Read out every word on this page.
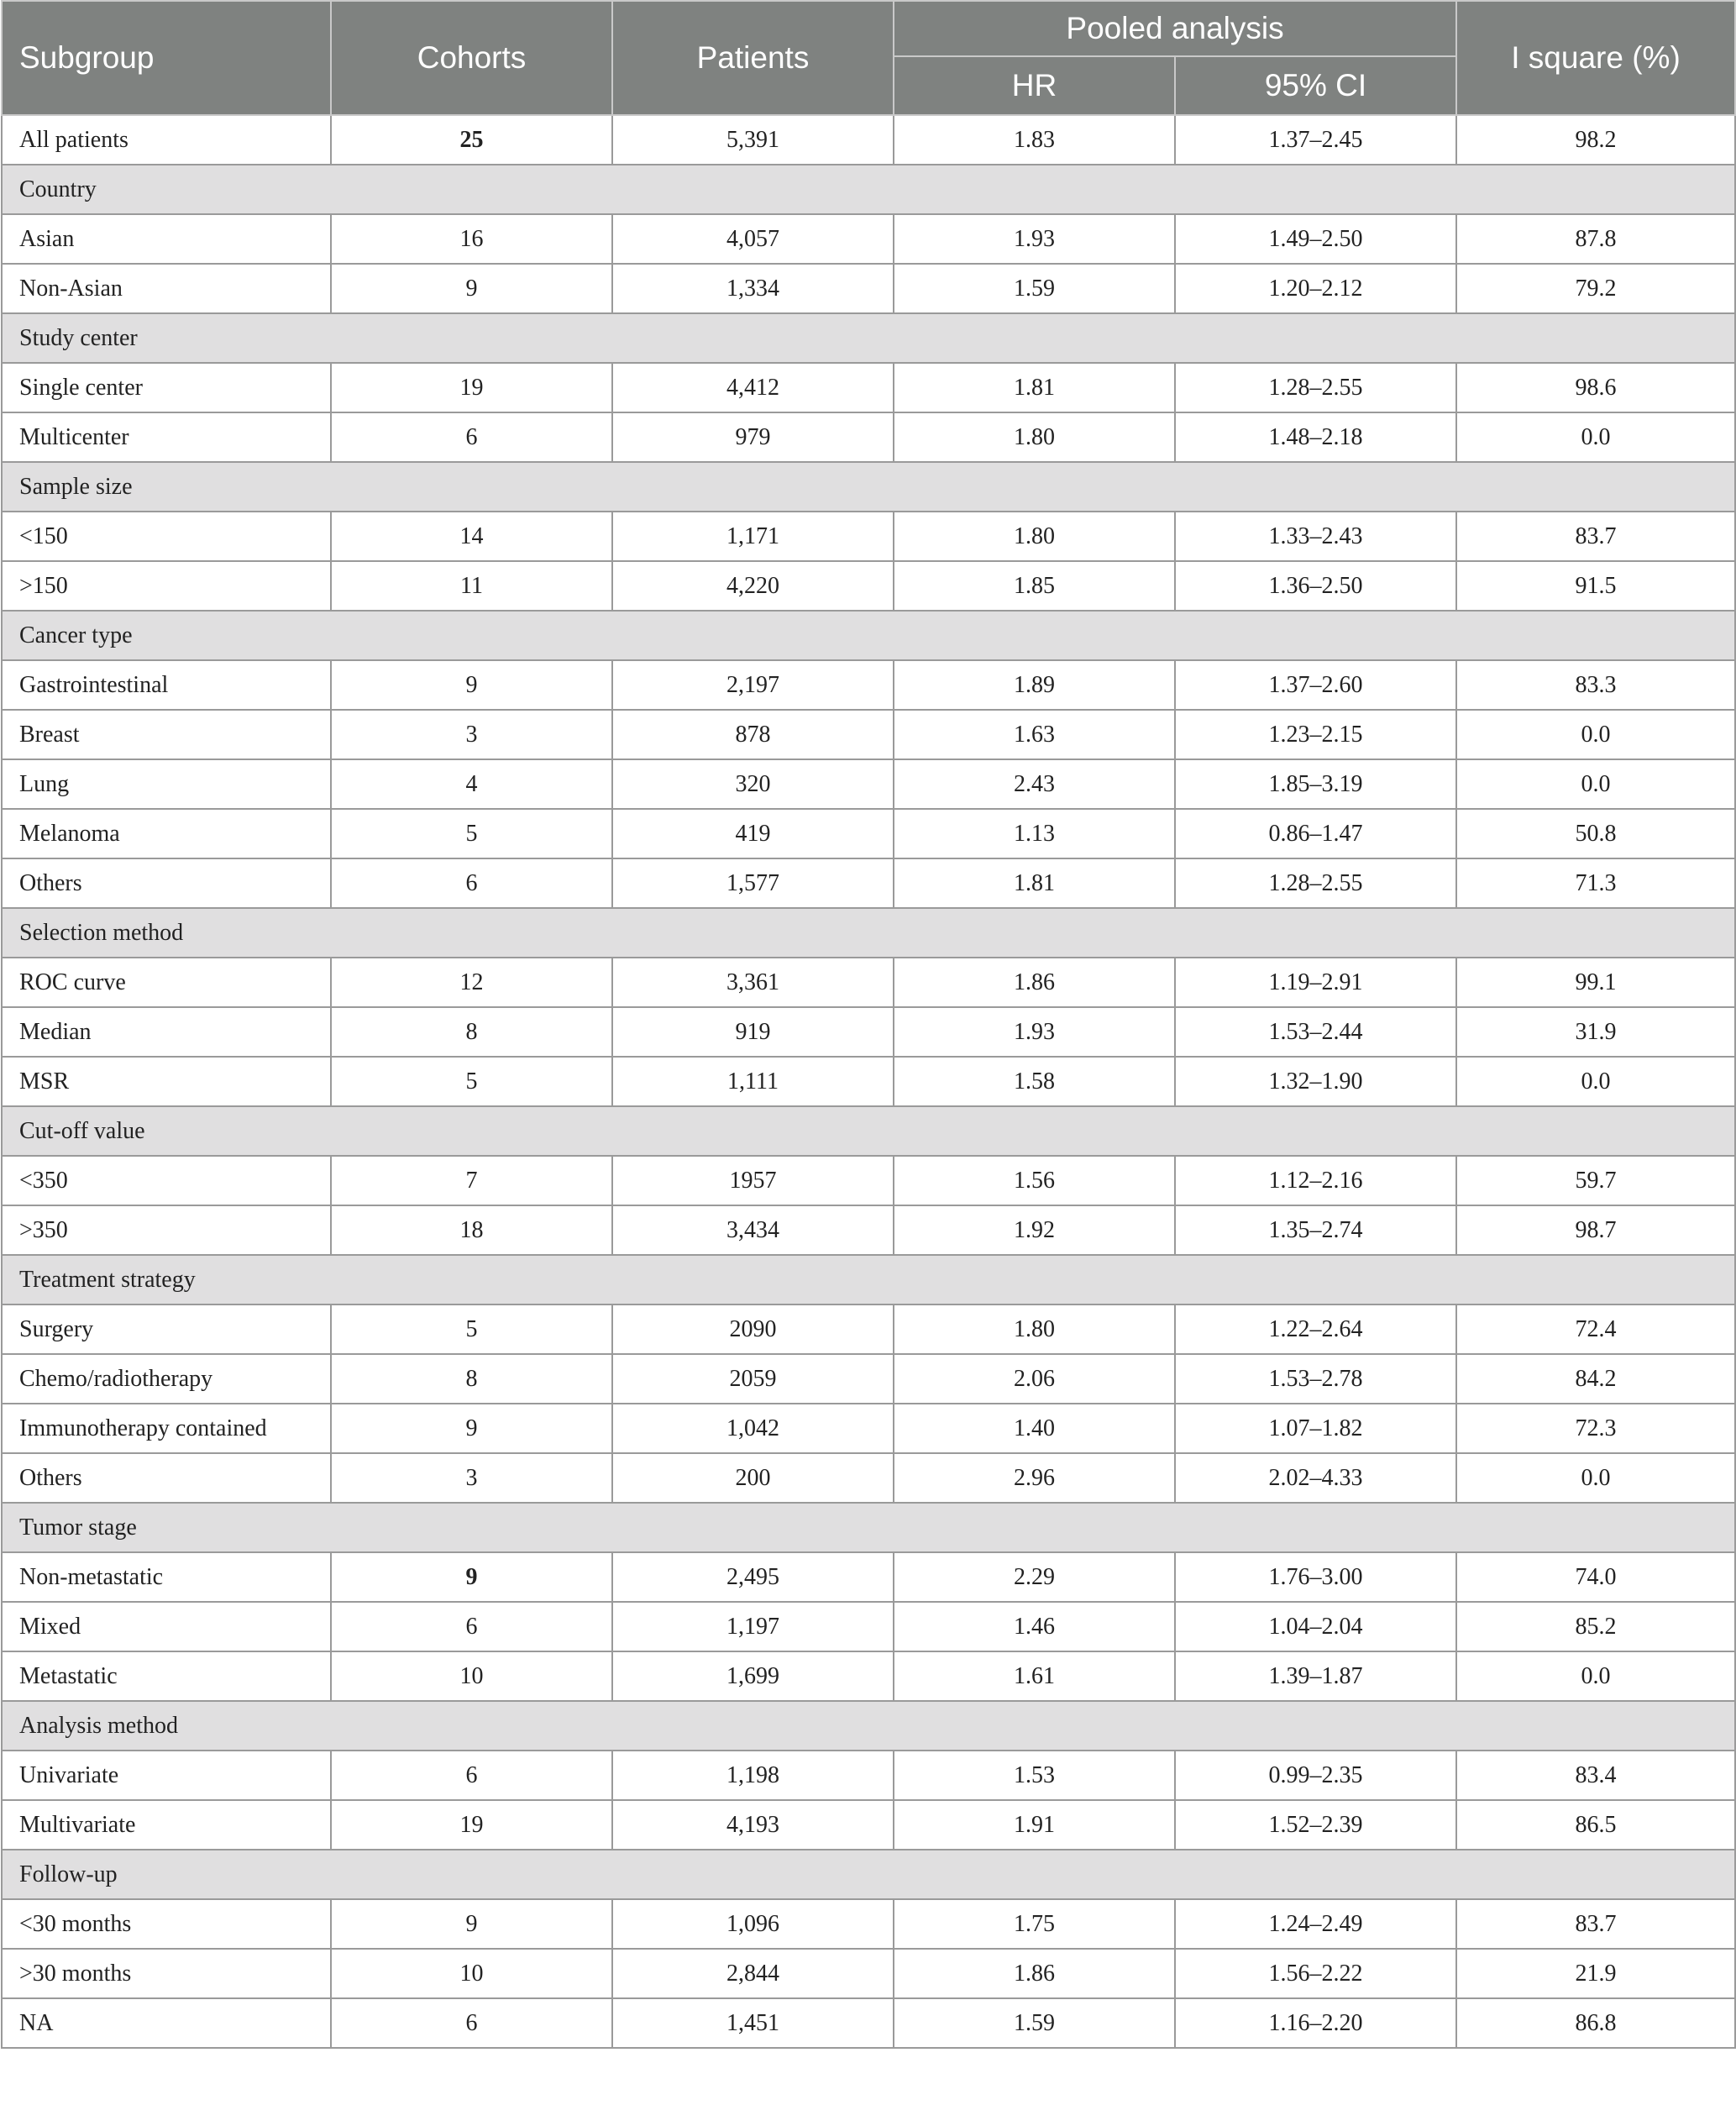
Subgroup	Cohorts	Patients	Pooled analysis		I square (%)
			HR	95% CI	
All patients	25	5,391	1.83	1.37–2.45	98.2
Country					
Asian	16	4,057	1.93	1.49–2.50	87.8
Non-Asian	9	1,334	1.59	1.20–2.12	79.2
Study center					
Single center	19	4,412	1.81	1.28–2.55	98.6
Multicenter	6	979	1.80	1.48–2.18	0.0
Sample size					
<150	14	1,171	1.80	1.33–2.43	83.7
>150	11	4,220	1.85	1.36–2.50	91.5
Cancer type					
Gastrointestinal	9	2,197	1.89	1.37–2.60	83.3
Breast	3	878	1.63	1.23–2.15	0.0
Lung	4	320	2.43	1.85–3.19	0.0
Melanoma	5	419	1.13	0.86–1.47	50.8
Others	6	1,577	1.81	1.28–2.55	71.3
Selection method					
ROC curve	12	3,361	1.86	1.19–2.91	99.1
Median	8	919	1.93	1.53–2.44	31.9
MSR	5	1,111	1.58	1.32–1.90	0.0
Cut-off value					
<350	7	1957	1.56	1.12–2.16	59.7
>350	18	3,434	1.92	1.35–2.74	98.7
Treatment strategy					
Surgery	5	2090	1.80	1.22–2.64	72.4
Chemo/radiotherapy	8	2059	2.06	1.53–2.78	84.2
Immunotherapy contained	9	1,042	1.40	1.07–1.82	72.3
Others	3	200	2.96	2.02–4.33	0.0
Tumor stage					
Non-metastatic	9	2,495	2.29	1.76–3.00	74.0
Mixed	6	1,197	1.46	1.04–2.04	85.2
Metastatic	10	1,699	1.61	1.39–1.87	0.0
Analysis method					
Univariate	6	1,198	1.53	0.99–2.35	83.4
Multivariate	19	4,193	1.91	1.52–2.39	86.5
Follow-up					
<30 months	9	1,096	1.75	1.24–2.49	83.7
>30 months	10	2,844	1.86	1.56–2.22	21.9
NA	6	1,451	1.59	1.16–2.20	86.8
